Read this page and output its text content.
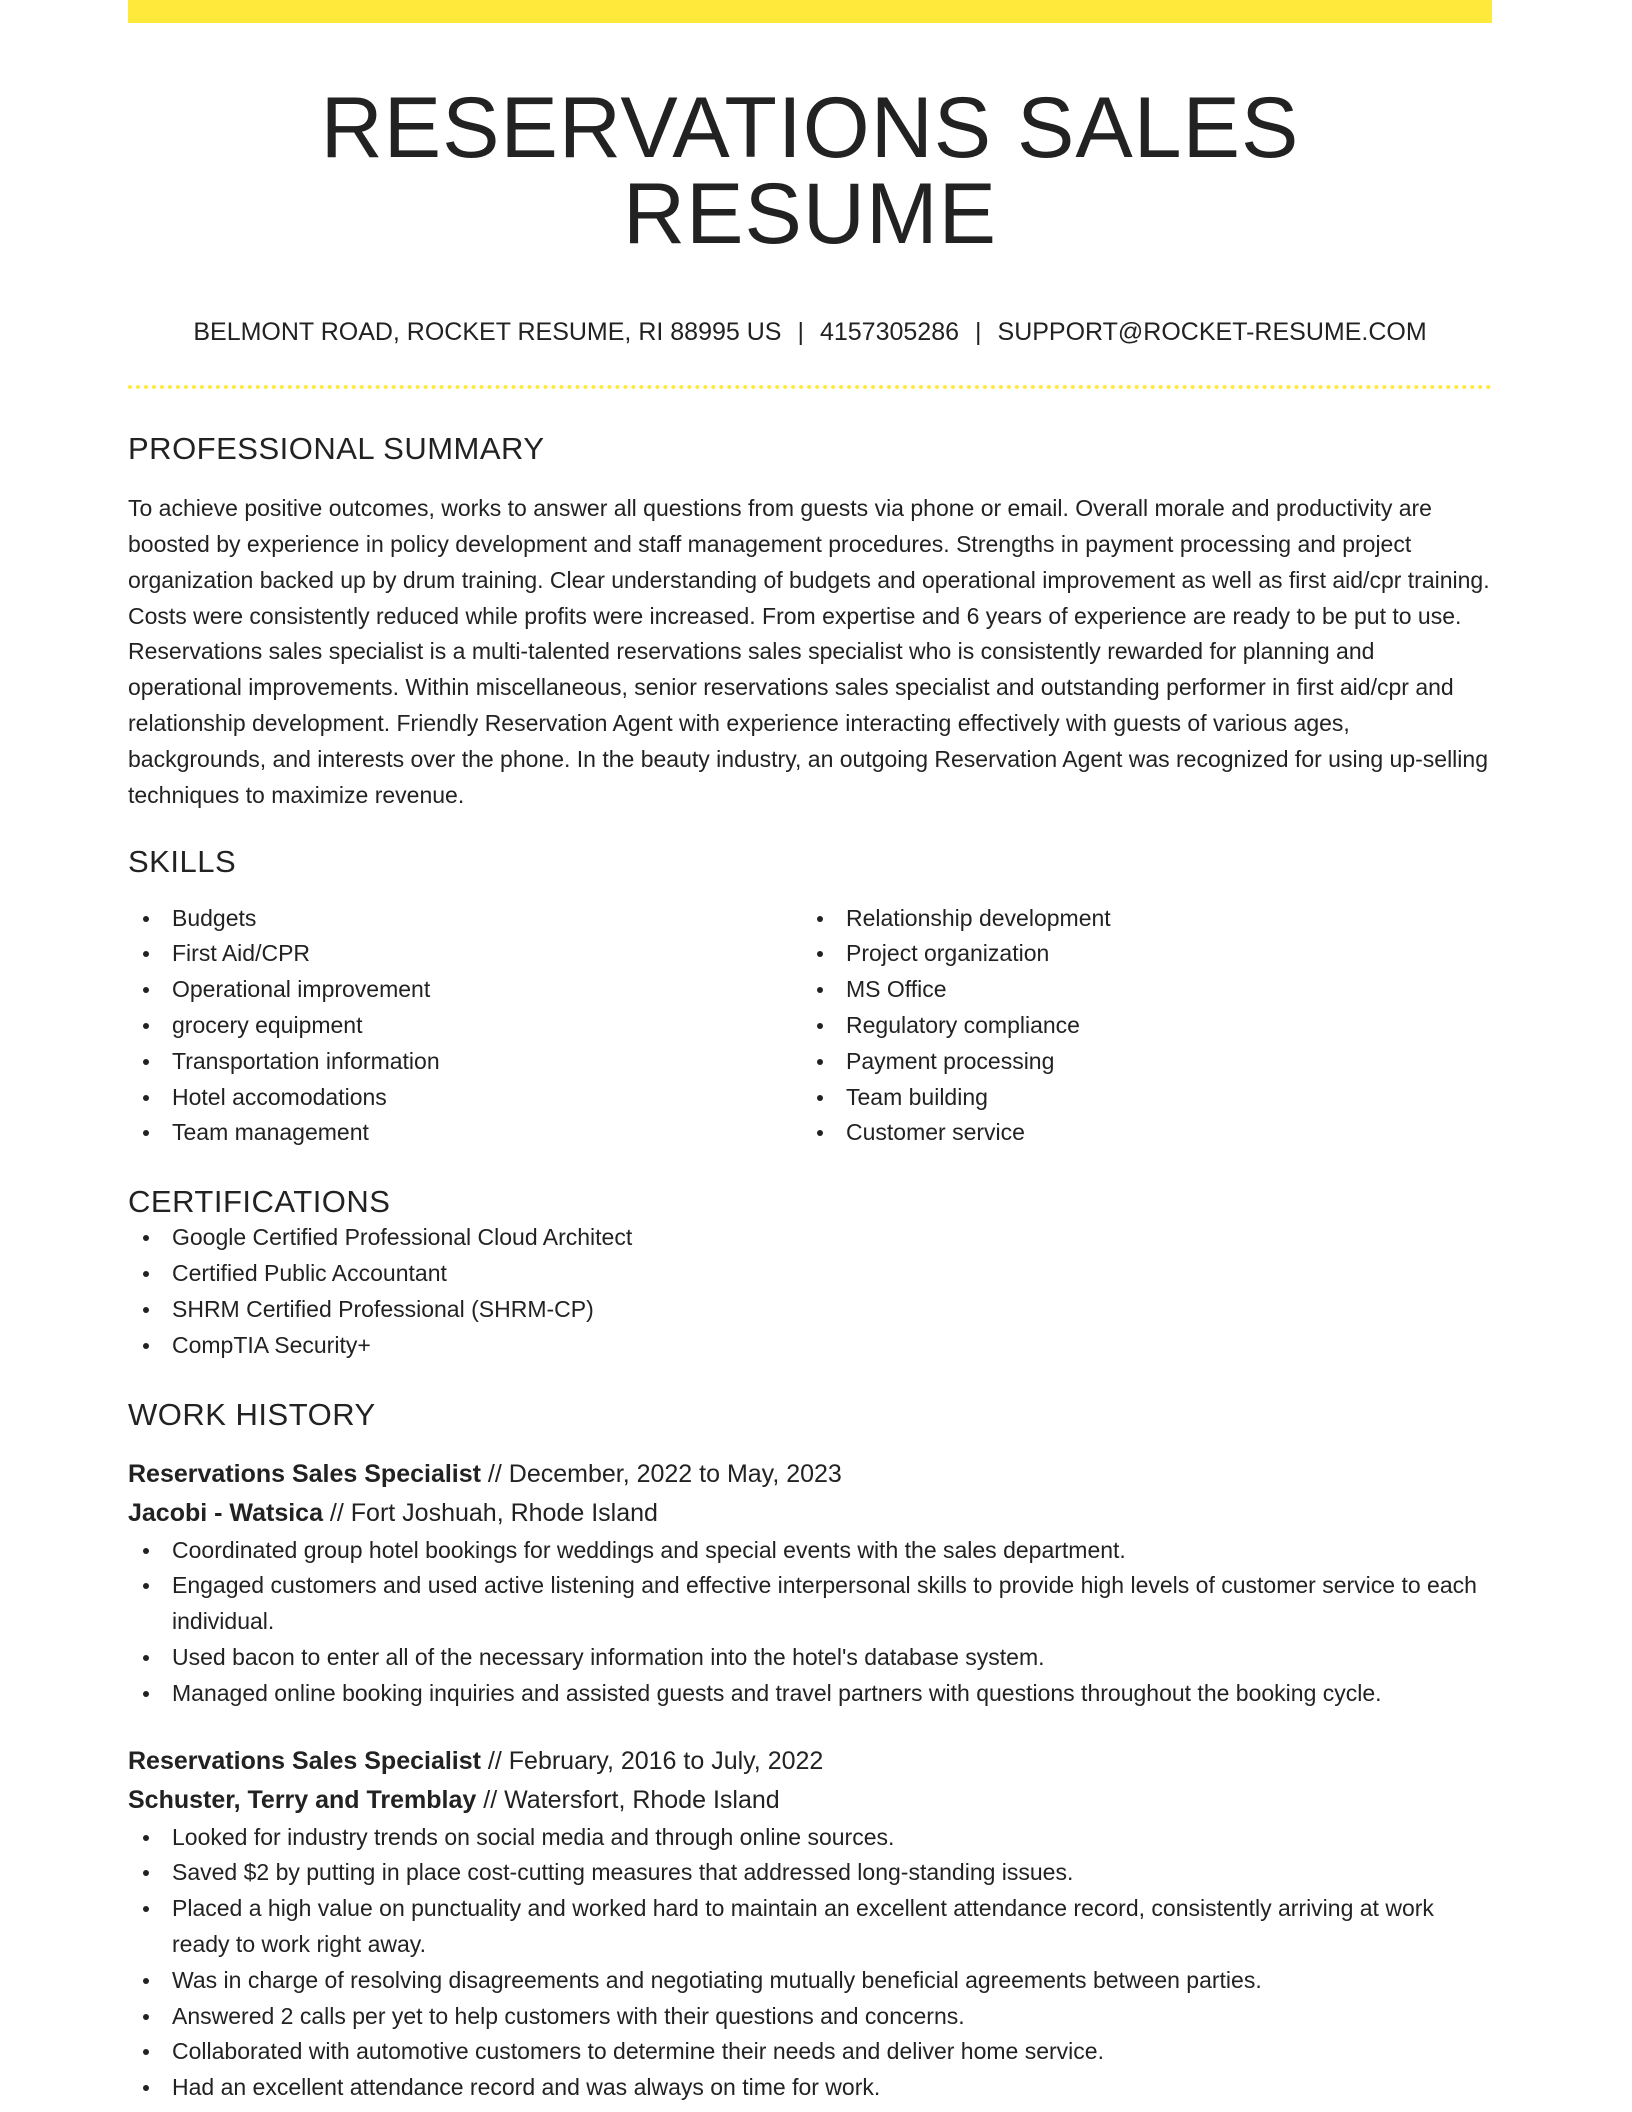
RESERVATIONS SALES RESUME
BELMONT ROAD, ROCKET RESUME, RI 88995 US | 4157305286 | SUPPORT@ROCKET-RESUME.COM
PROFESSIONAL SUMMARY

To achieve positive outcomes, works to answer all questions from guests via phone or email. Overall morale and productivity are boosted by experience in policy development and staff management procedures. Strengths in payment processing and project organization backed up by drum training. Clear understanding of budgets and operational improvement as well as first aid/cpr training. Costs were consistently reduced while profits were increased. From expertise and 6 years of experience are ready to be put to use. Reservations sales specialist is a multi-talented reservations sales specialist who is consistently rewarded for planning and operational improvements. Within miscellaneous, senior reservations sales specialist and outstanding performer in first aid/cpr and relationship development. Friendly Reservation Agent with experience interacting effectively with guests of various ages, backgrounds, and interests over the phone. In the beauty industry, an outgoing Reservation Agent was recognized for using up-selling techniques to maximize revenue.

SKILLS
Budgets
First Aid/CPR
Operational improvement
grocery equipment
Transportation information
Hotel accomodations
Team management
Relationship development
Project organization
MS Office
Regulatory compliance
Payment processing
Team building
Customer service
CERTIFICATIONS
Google Certified Professional Cloud Architect
Certified Public Accountant
SHRM Certified Professional (SHRM-CP)
CompTIA Security+
WORK HISTORY
Reservations Sales Specialist // December, 2022 to May, 2023
Jacobi - Watsica // Fort Joshuah, Rhode Island
Coordinated group hotel bookings for weddings and special events with the sales department.
Engaged customers and used active listening and effective interpersonal skills to provide high levels of customer service to each individual.
Used bacon to enter all of the necessary information into the hotel's database system.
Managed online booking inquiries and assisted guests and travel partners with questions throughout the booking cycle.
Reservations Sales Specialist // February, 2016 to July, 2022
Schuster, Terry and Tremblay // Watersfort, Rhode Island
Looked for industry trends on social media and through online sources.
Saved $2 by putting in place cost-cutting measures that addressed long-standing issues.
Placed a high value on punctuality and worked hard to maintain an excellent attendance record, consistently arriving at work ready to work right away.
Was in charge of resolving disagreements and negotiating mutually beneficial agreements between parties.
Answered 2 calls per yet to help customers with their questions and concerns.
Collaborated with automotive customers to determine their needs and deliver home service.
Had an excellent attendance record and was always on time for work.
